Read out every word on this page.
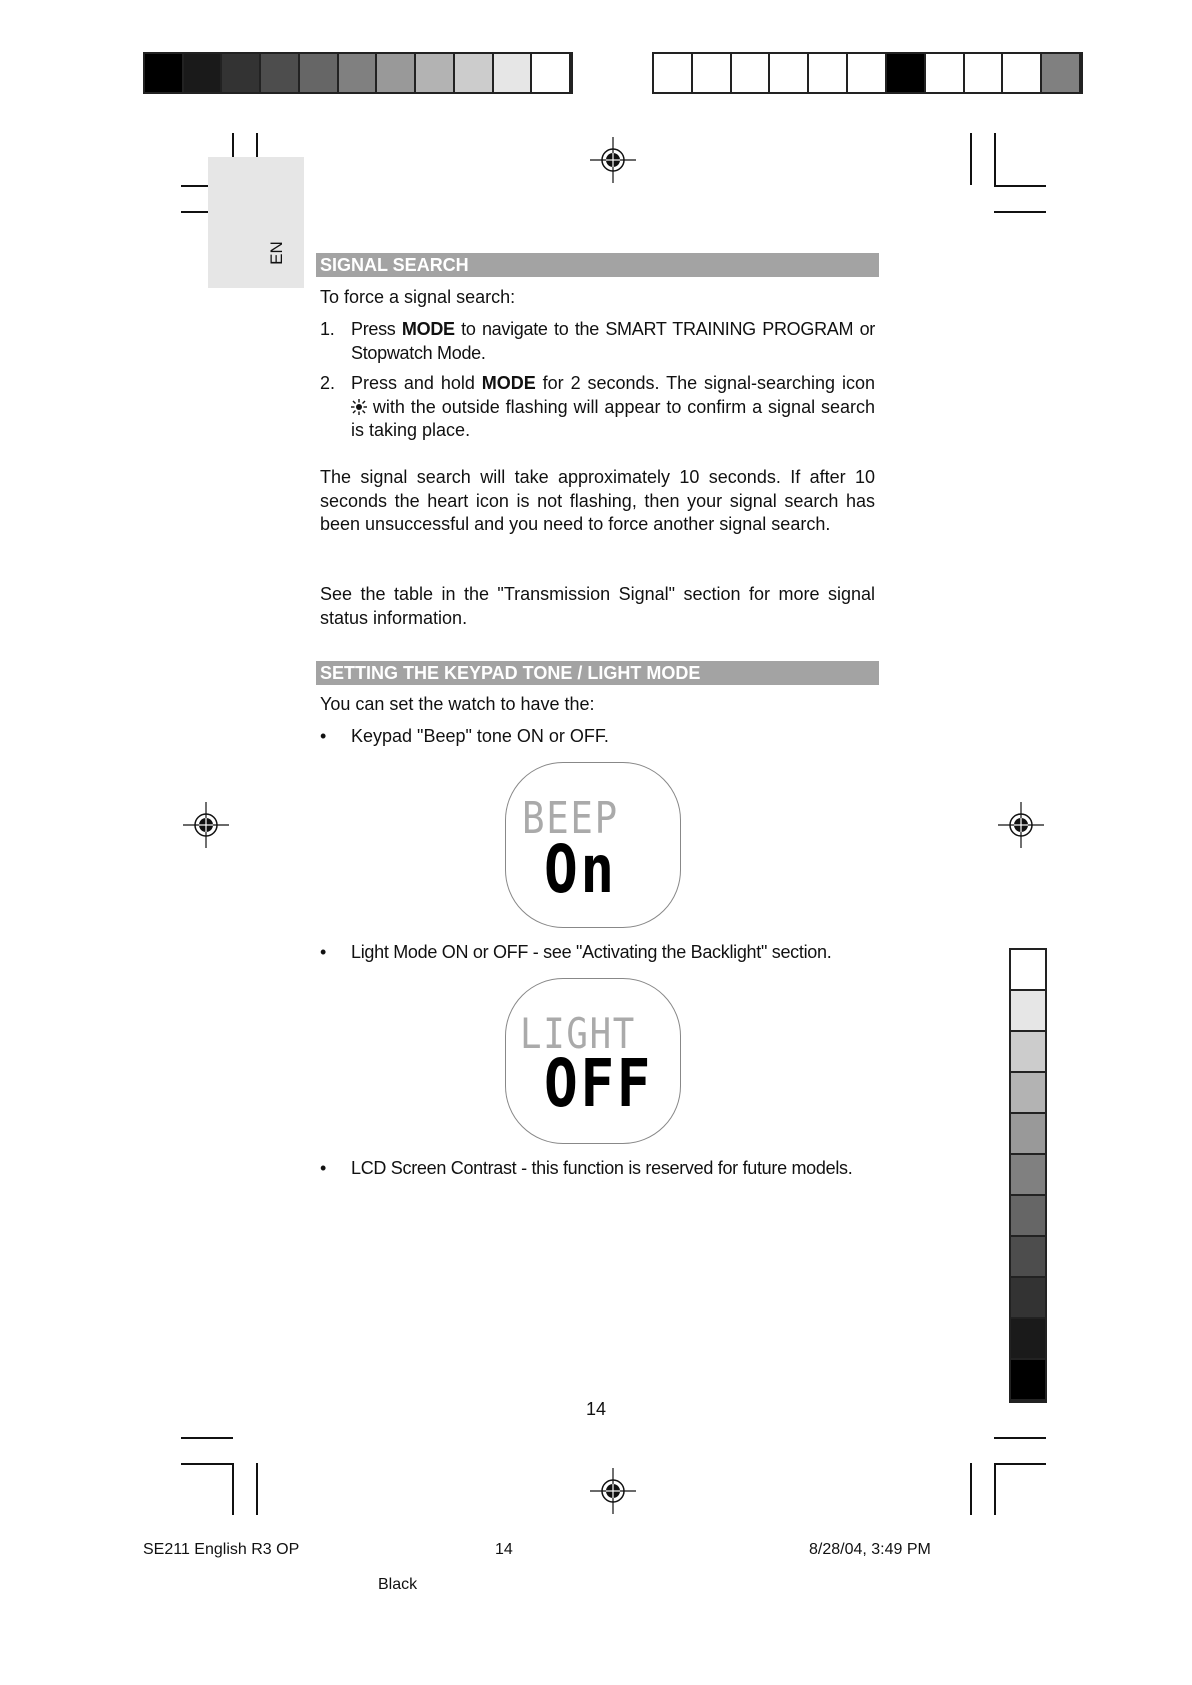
EN
SIGNAL SEARCH
To force a signal search:
1. Press MODE to navigate to the SMART TRAINING PROGRAM or Stopwatch Mode.
2. Press and hold MODE for 2 seconds. The signal-searching icon  with the outside flashing will appear to confirm a signal search is taking place.
The signal search will take approximately 10 seconds. If after 10 seconds the heart icon is not flashing, then your signal search has been unsuccessful and you need to force another signal search.
See the table in the "Transmission Signal" section for more signal status information.
SETTING THE KEYPAD TONE / LIGHT MODE
You can set the watch to have the:
• Keypad "Beep" tone ON or OFF.
BEEP
On
• Light Mode ON or OFF - see "Activating the Backlight" section.
LIGHT
OFF
• LCD Screen Contrast - this function is reserved for future models.
14
SE211 English R3 OP	14	8/28/04, 3:49 PM
Black
